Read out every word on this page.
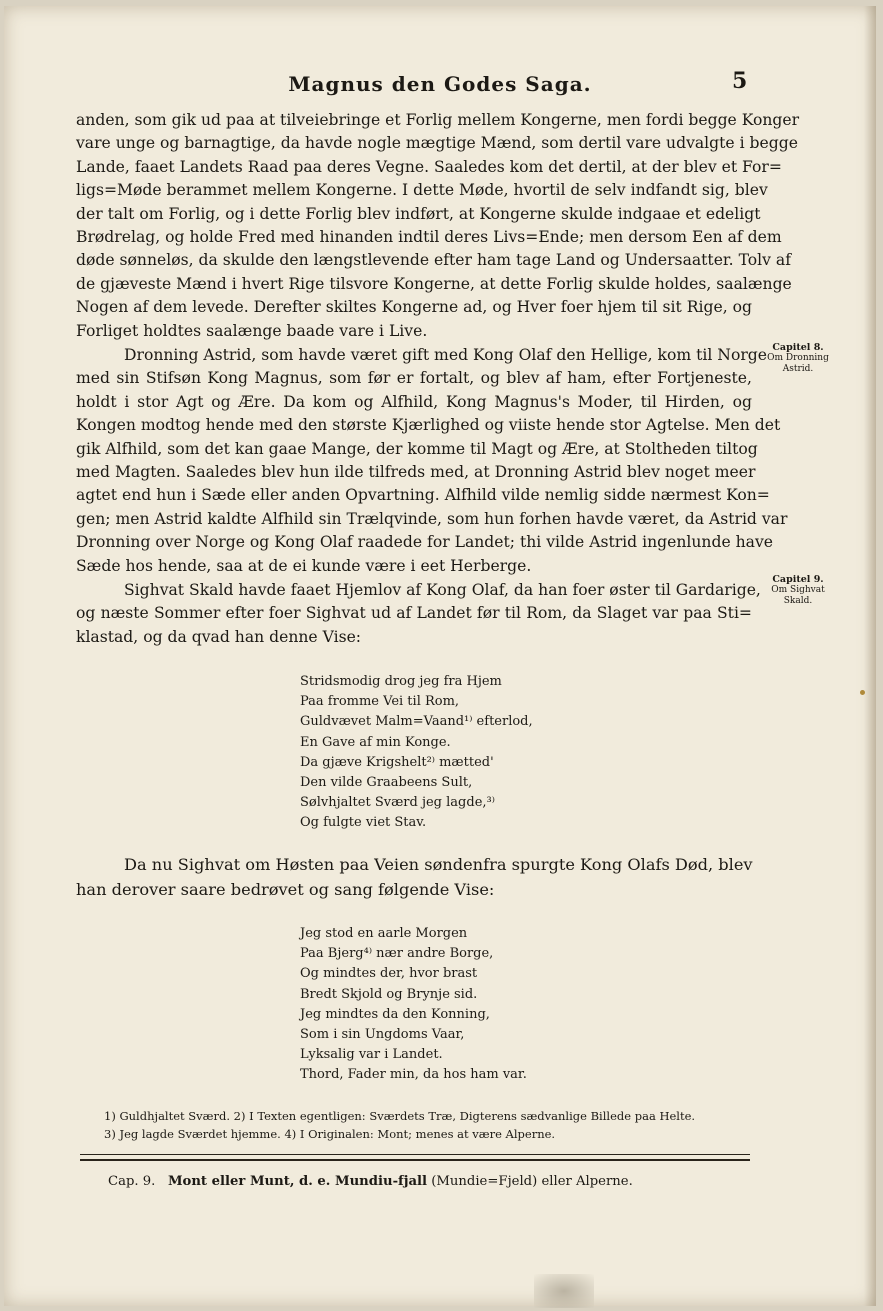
Magnus den Godes Saga.	5
anden, som gik ud paa at tilveiebringe et Forlig mellem Kongerne, men fordi begge Konger
vare unge og barnagtige, da havde nogle mægtige Mænd, som dertil vare udvalgte i begge
Lande, faaet Landets Raad paa deres Vegne. Saaledes kom det dertil, at der blev et For=
ligs=Møde berammet mellem Kongerne. I dette Møde, hvortil de selv indfandt sig, blev
der talt om Forlig, og i dette Forlig blev indført, at Kongerne skulde indgaae et edeligt
Brødrelag, og holde Fred med hinanden indtil deres Livs=Ende; men dersom Een af dem
døde sønneløs, da skulde den længstlevende efter ham tage Land og Undersaatter. Tolv af
de gjæveste Mænd i hvert Rige tilsvore Kongerne, at dette Forlig skulde holdes, saalænge
Nogen af dem levede. Derefter skiltes Kongerne ad, og Hver foer hjem til sit Rige, og
Forliget holdtes saalænge baade vare i Live.
Capitel 8.
Om Dronning
Astrid.
Dronning Astrid, som havde været gift med Kong Olaf den Hellige, kom til Norge
med sin Stifsøn Kong Magnus, som før er fortalt, og blev af ham, efter Fortjeneste,
holdt i stor Agt og Ære. Da kom og Alfhild, Kong Magnus's Moder, til Hirden, og
Kongen modtog hende med den største Kjærlighed og viiste hende stor Agtelse. Men det
gik Alfhild, som det kan gaae Mange, der komme til Magt og Ære, at Stoltheden tiltog
med Magten. Saaledes blev hun ilde tilfreds med, at Dronning Astrid blev noget meer
agtet end hun i Sæde eller anden Opvartning. Alfhild vilde nemlig sidde nærmest Kon=
gen; men Astrid kaldte Alfhild sin Trælqvinde, som hun forhen havde været, da Astrid var
Dronning over Norge og Kong Olaf raadede for Landet; thi vilde Astrid ingenlunde have
Sæde hos hende, saa at de ei kunde være i eet Herberge.
Capitel 9.
Om Sighvat
Skald.
Sighvat Skald havde faaet Hjemlov af Kong Olaf, da han foer øster til Gardarige,
og næste Sommer efter foer Sighvat ud af Landet før til Rom, da Slaget var paa Sti=
klastad, og da qvad han denne Vise:
Stridsmodig drog jeg fra Hjem
Paa fromme Vei til Rom,
Guldvævet Malm=Vaand¹⁾ efterlod,
En Gave af min Konge.
Da gjæve Krigshelt²⁾ mætted'
Den vilde Graabeens Sult,
Sølvhjaltet Sværd jeg lagde,³⁾
Og fulgte viet Stav.
Da nu Sighvat om Høsten paa Veien søndenfra spurgte Kong Olafs Død, blev
han derover saare bedrøvet og sang følgende Vise:
Jeg stod en aarle Morgen
Paa Bjerg⁴⁾ nær andre Borge,
Og mindtes der, hvor brast
Bredt Skjold og Brynje sid.
Jeg mindtes da den Konning,
Som i sin Ungdoms Vaar,
Lyksalig var i Landet.
Thord, Fader min, da hos ham var.
1) Guldhjaltet Sværd. 2) I Texten egentligen: Sværdets Træ, Digterens sædvanlige Billede paa Helte.
3) Jeg lagde Sværdet hjemme. 4) I Originalen: Mont; menes at være Alperne.
Cap. 9. Mont eller Munt, d. e. Mundiu-fjall (Mundie=Fjeld) eller Alperne.
